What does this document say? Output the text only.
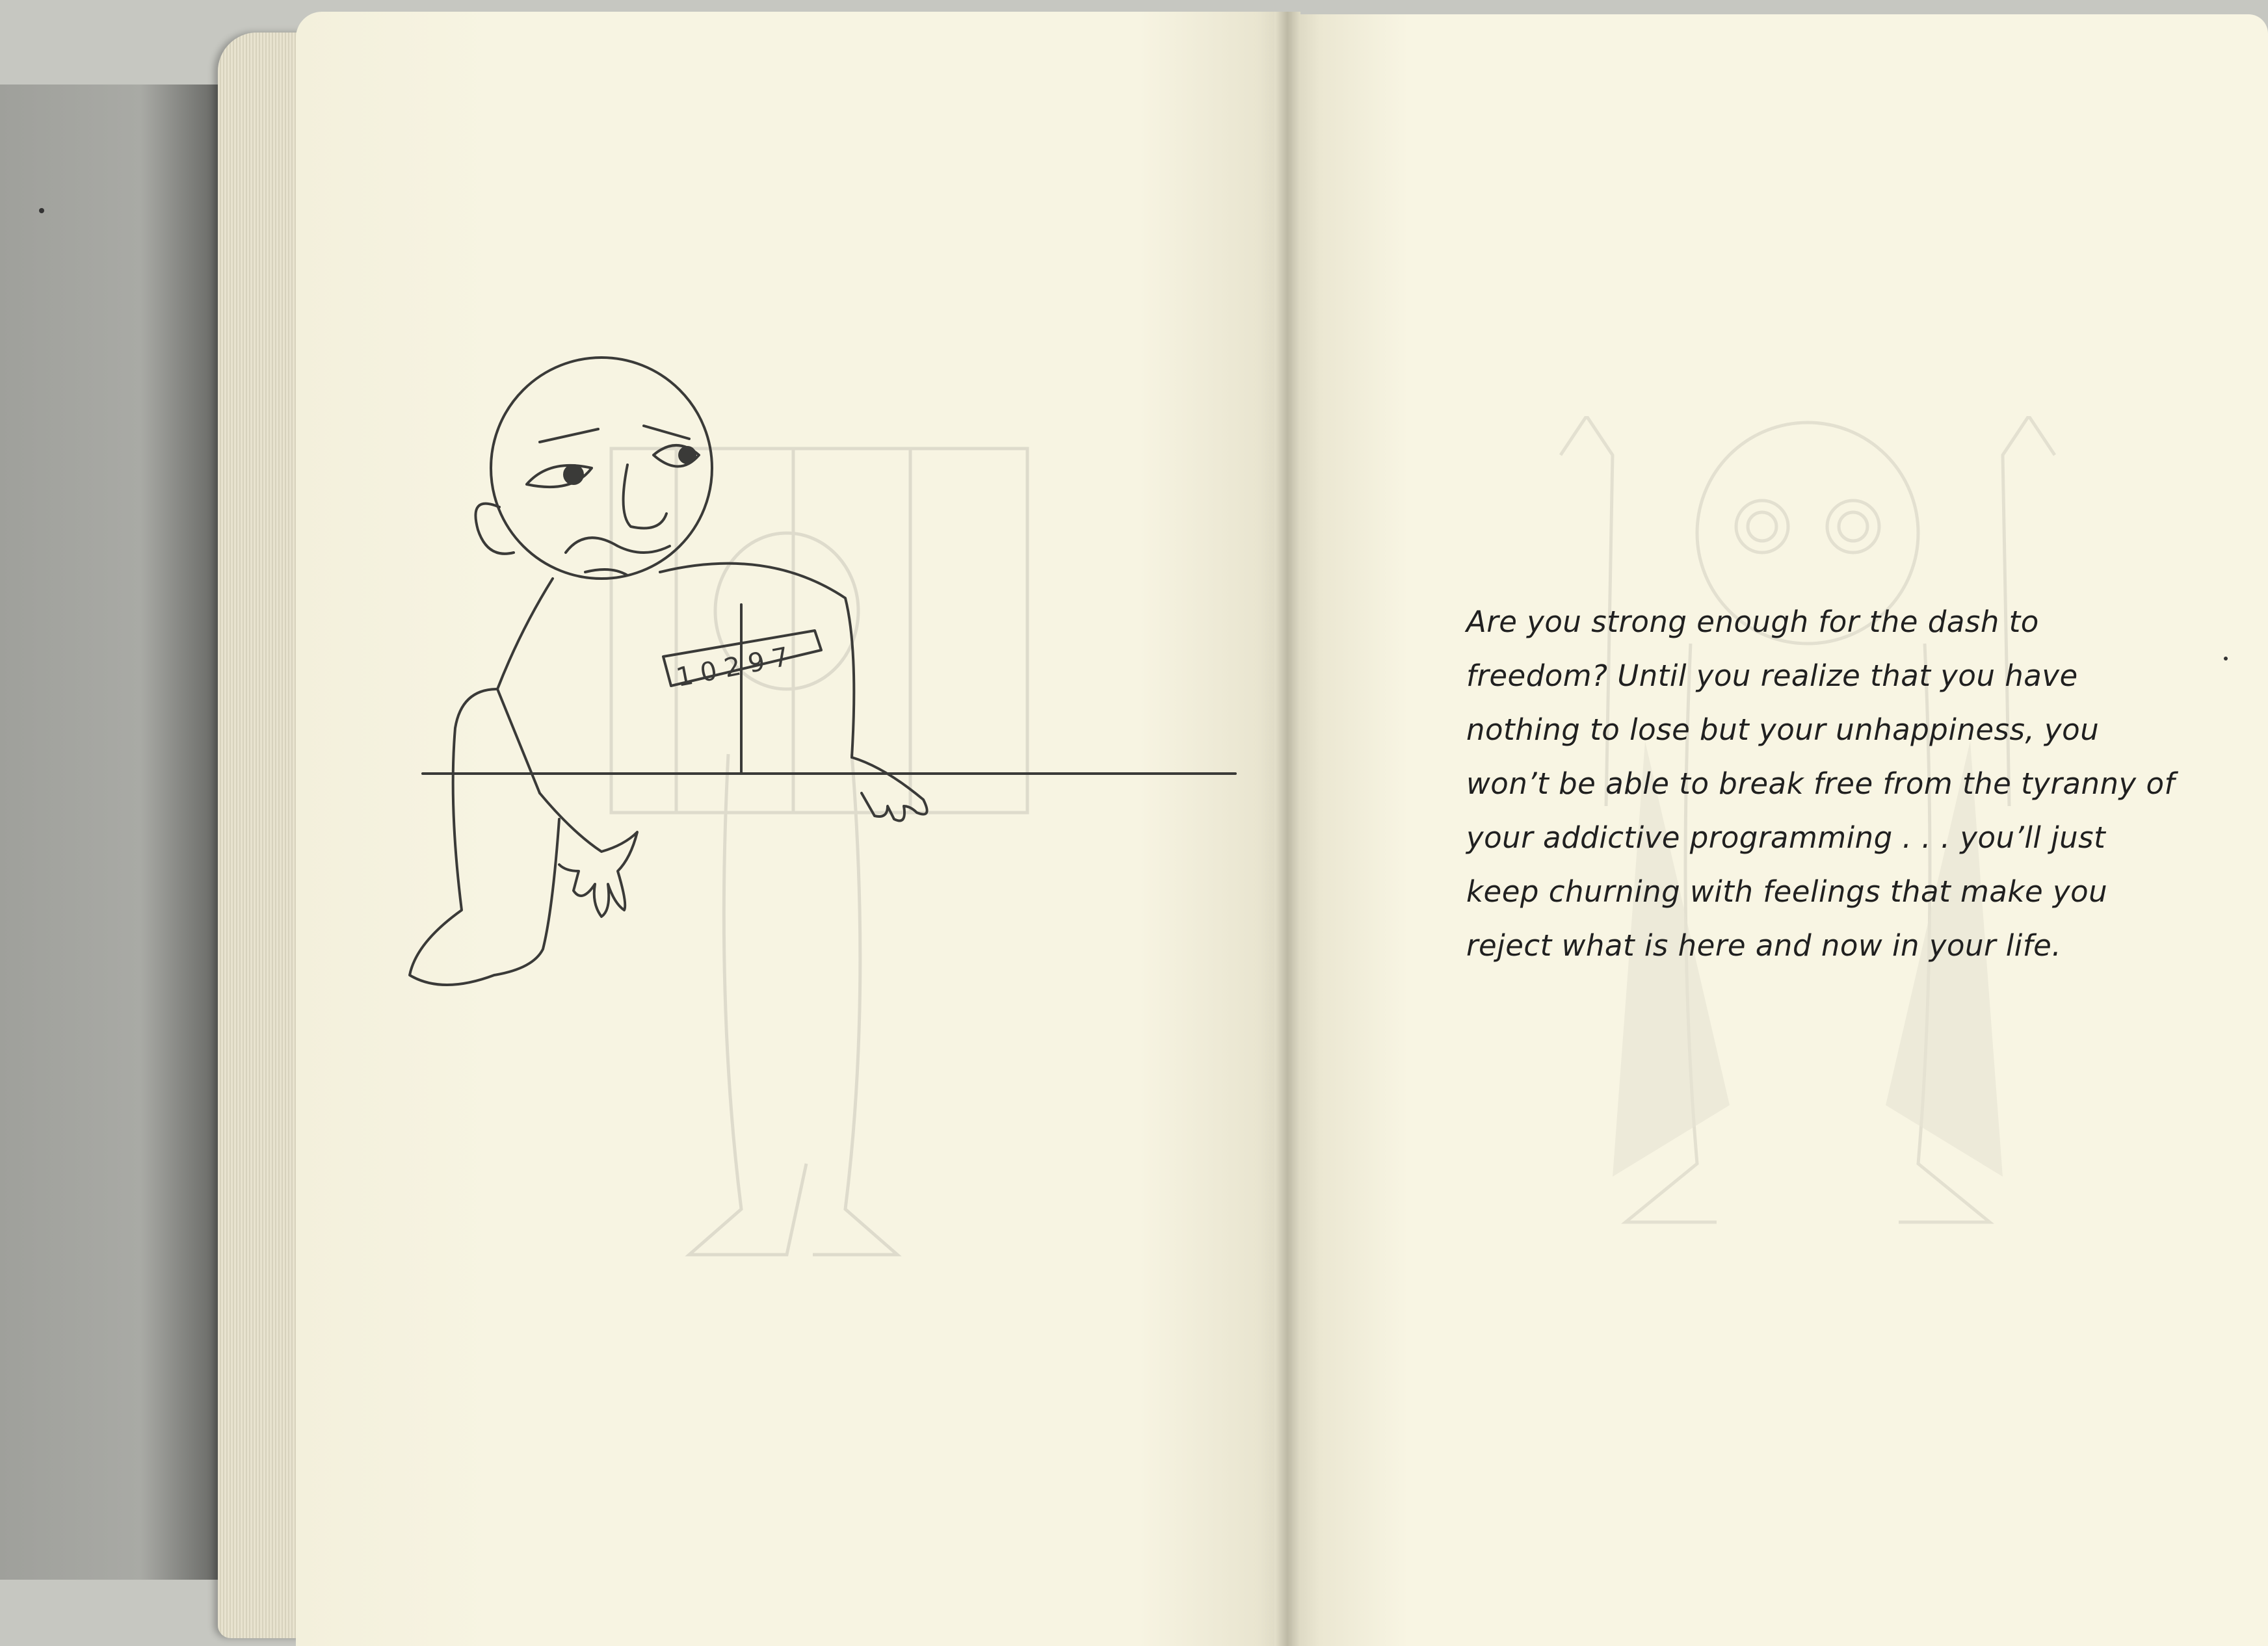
10297

Are you strong enough for the dash to
freedom? Until you realize that you have
nothing to lose but your unhappiness, you
won’t be able to break free from the tyranny of
your addictive programming . . . you’ll just
keep churning with feelings that make you
reject what is here and now in your life.
